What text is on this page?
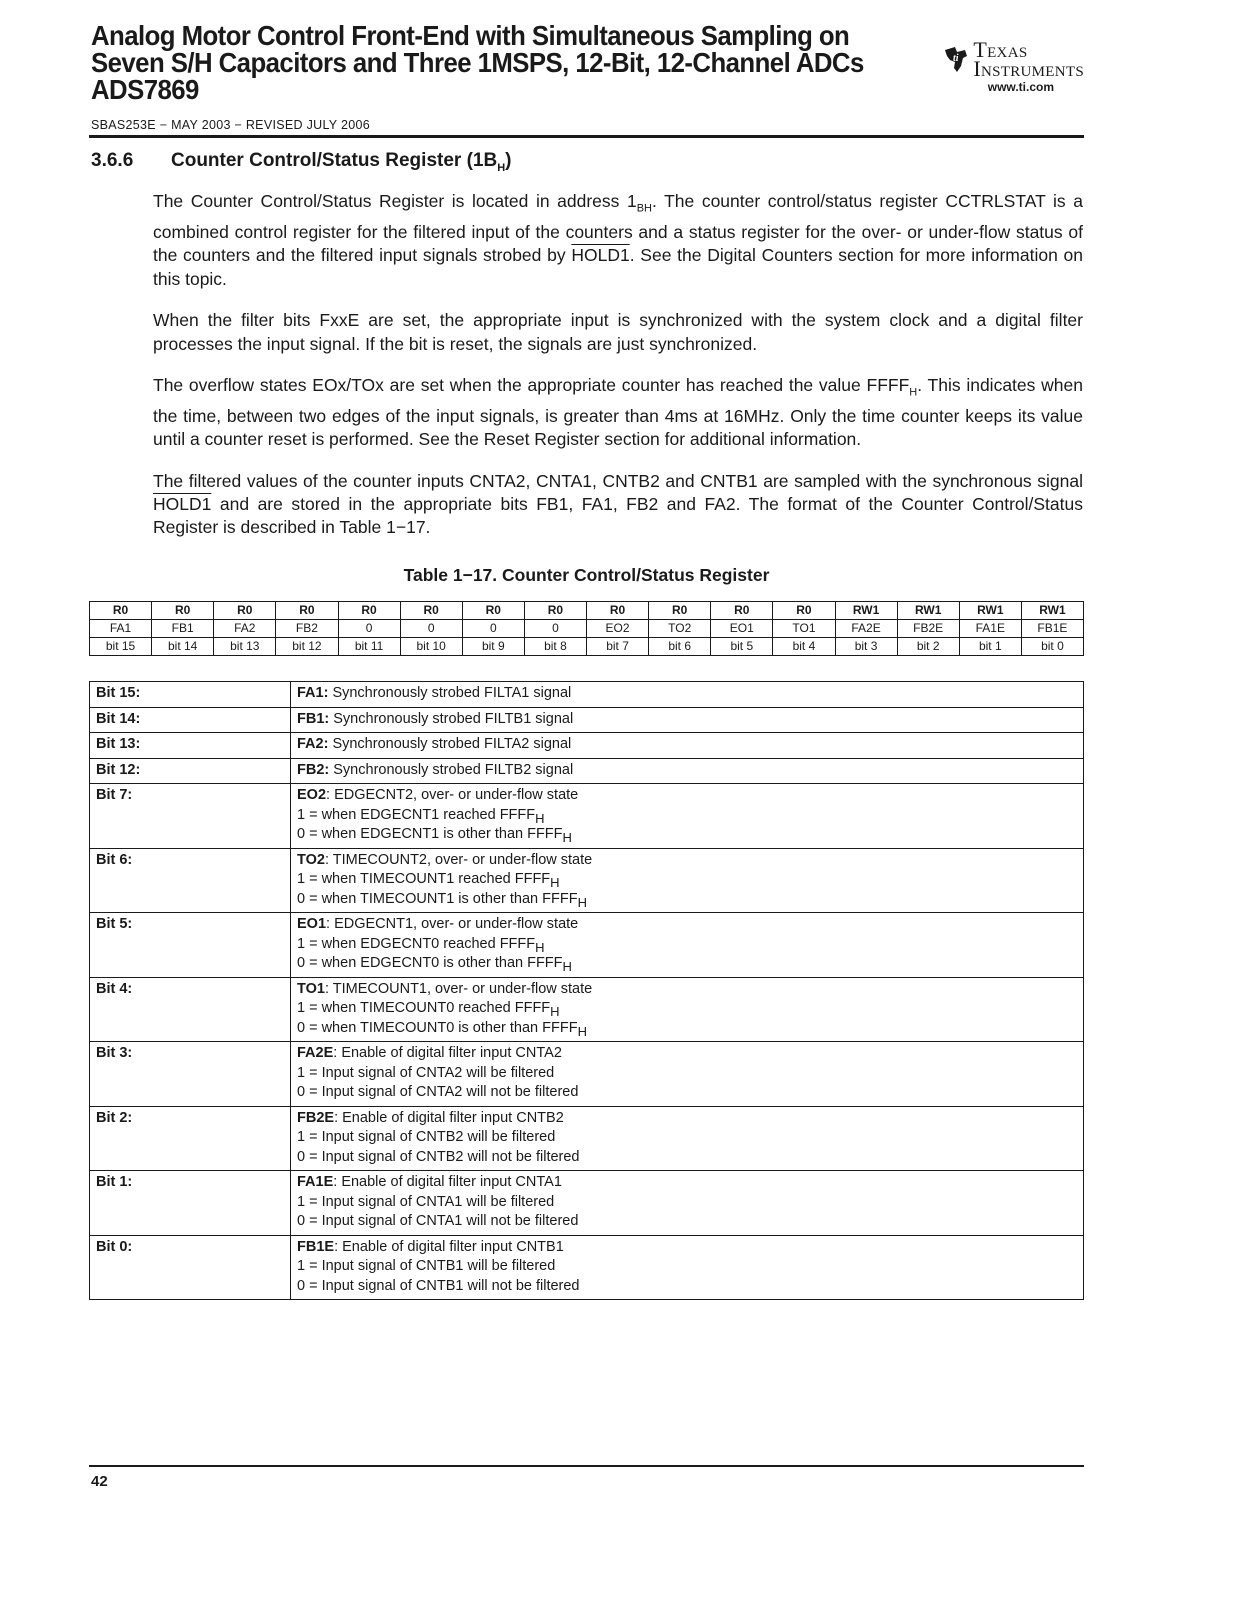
Analog Motor Control Front-End with Simultaneous Sampling on
Seven S/H Capacitors and Three 1MSPS, 12-Bit, 12-Channel ADCs
ADS7869
ti Texas
Instruments
www.ti.com
SBAS253E − MAY 2003 − REVISED JULY 2006
3.6.6 Counter Control/Status Register $(1B_H)$

The Counter Control/Status Register is located in address $1_{BH}$. The counter control/status register CCTRLSTAT is a combined control register for the filtered input of the counters and a status register for the over- or under-flow status of the counters and the filtered input signals strobed by HOLD1. See the Digital Counters section for more information on this topic.

When the filter bits FxxE are set, the appropriate input is synchronized with the system clock and a digital filter processes the input signal. If the bit is reset, the signals are just synchronized.

The overflow states EOx/TOx are set when the appropriate counter has reached the value $FFFF_H$. This indicates when the time, between two edges of the input signals, is greater than 4ms at 16MHz. Only the time counter keeps its value until a counter reset is performed. See the Reset Register section for additional information.

The filtered values of the counter inputs CNTA2, CNTA1, CNTB2 and CNTB1 are sampled with the synchronous signal HOLD1 and are stored in the appropriate bits FB1, FA1, FB2 and FA2. The format of the Counter Control/Status Register is described in Table 1−17.

Table 1−17. Counter Control/Status Register
R0	R0	R0	R0	R0	R0	R0	R0	R0	R0	R0	R0	RW1	RW1	RW1	RW1
FA1	FB1	FA2	FB2	0	0	0	0	EO2	TO2	EO1	TO1	FA2E	FB2E	FA1E	FB1E
bit 15	bit 14	bit 13	bit 12	bit 11	bit 10	bit 9	bit 8	bit 7	bit 6	bit 5	bit 4	bit 3	bit 2	bit 1	bit 0
Bit 15:	FA1: Synchronously strobed FILTA1 signal

Bit 14:	FB1: Synchronously strobed FILTB1 signal

Bit 13:	FA2: Synchronously strobed FILTA2 signal

Bit 12:	FB2: Synchronously strobed FILTB2 signal

Bit 7:	EO2: EDGECNT2, over- or under-flow state
1 = when EDGECNT1 reached $FFFF_H$
0 = when EDGECNT1 is other than $FFFF_H$

Bit 6:	TO2: TIMECOUNT2, over- or under-flow state
1 = when TIMECOUNT1 reached $FFFF_H$
0 = when TIMECOUNT1 is other than $FFFF_H$

Bit 5:	EO1: EDGECNT1, over- or under-flow state
1 = when EDGECNT0 reached $FFFF_H$
0 = when EDGECNT0 is other than $FFFF_H$

Bit 4:	TO1: TIMECOUNT1, over- or under-flow state
1 = when TIMECOUNT0 reached $FFFF_H$
0 = when TIMECOUNT0 is other than $FFFF_H$

Bit 3:	FA2E: Enable of digital filter input CNTA2
1 = Input signal of CNTA2 will be filtered
0 = Input signal of CNTA2 will not be filtered

Bit 2:	FB2E: Enable of digital filter input CNTB2
1 = Input signal of CNTB2 will be filtered
0 = Input signal of CNTB2 will not be filtered

Bit 1:	FA1E: Enable of digital filter input CNTA1
1 = Input signal of CNTA1 will be filtered
0 = Input signal of CNTA1 will not be filtered

Bit 0:	FB1E: Enable of digital filter input CNTB1
1 = Input signal of CNTB1 will be filtered
0 = Input signal of CNTB1 will not be filtered
42
